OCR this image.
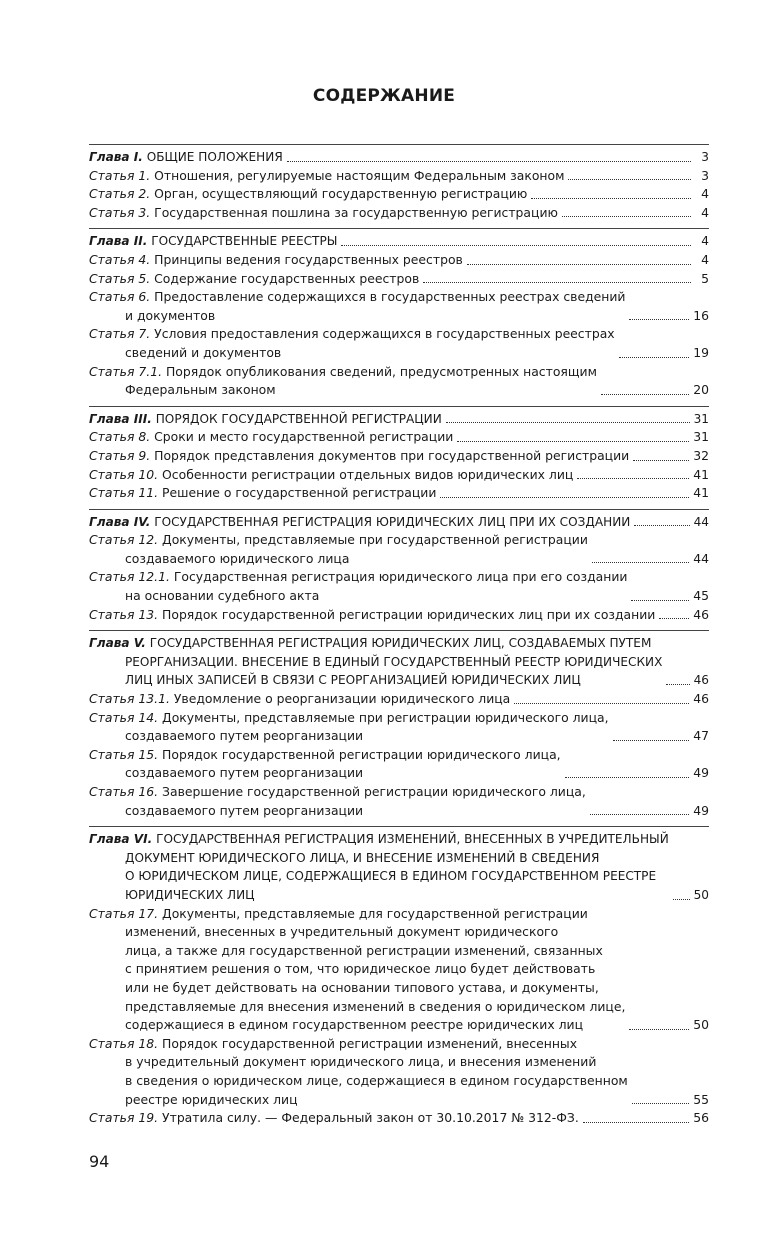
СОДЕРЖАНИЕ
Глава I. ОБЩИЕ ПОЛОЖЕНИЯ	3
Статья 1. Отношения, регулируемые настоящим Федеральным законом	3
Статья 2. Орган, осуществляющий государственную регистрацию	4
Статья 3. Государственная пошлина за государственную регистрацию	4
Глава II. ГОСУДАРСТВЕННЫЕ РЕЕСТРЫ	4
Статья 4. Принципы ведения государственных реестров	4
Статья 5. Содержание государственных реестров	5
Статья 6. Предоставление содержащихся в государственных реестрах сведений
и документов	16
Статья 7. Условия предоставления содержащихся в государственных реестрах
сведений и документов	19
Статья 7.1. Порядок опубликования сведений, предусмотренных настоящим
Федеральным законом	20
Глава III. ПОРЯДОК ГОСУДАРСТВЕННОЙ РЕГИСТРАЦИИ	31
Статья 8. Сроки и место государственной регистрации	31
Статья 9. Порядок представления документов при государственной регистрации	32
Статья 10. Особенности регистрации отдельных видов юридических лиц	41
Статья 11. Решение о государственной регистрации	41
Глава IV. ГОСУДАРСТВЕННАЯ РЕГИСТРАЦИЯ ЮРИДИЧЕСКИХ ЛИЦ ПРИ ИХ СОЗДАНИИ	44
Статья 12. Документы, представляемые при государственной регистрации
создаваемого юридического лица	44
Статья 12.1. Государственная регистрация юридического лица при его создании
на основании судебного акта	45
Статья 13. Порядок государственной регистрации юридических лиц при их создании	46
Глава V. ГОСУДАРСТВЕННАЯ РЕГИСТРАЦИЯ ЮРИДИЧЕСКИХ ЛИЦ, СОЗДАВАЕМЫХ ПУТЕМ
РЕОРГАНИЗАЦИИ. ВНЕСЕНИЕ В ЕДИНЫЙ ГОСУДАРСТВЕННЫЙ РЕЕСТР ЮРИДИЧЕСКИХ
ЛИЦ ИНЫХ ЗАПИСЕЙ В СВЯЗИ С РЕОРГАНИЗАЦИЕЙ ЮРИДИЧЕСКИХ ЛИЦ	46
Статья 13.1. Уведомление о реорганизации юридического лица	46
Статья 14. Документы, представляемые при регистрации юридического лица,
создаваемого путем реорганизации	47
Статья 15. Порядок государственной регистрации юридического лица,
создаваемого путем реорганизации	49
Статья 16. Завершение государственной регистрации юридического лица,
создаваемого путем реорганизации	49
Глава VI. ГОСУДАРСТВЕННАЯ РЕГИСТРАЦИЯ ИЗМЕНЕНИЙ, ВНЕСЕННЫХ В УЧРЕДИТЕЛЬНЫЙ
ДОКУМЕНТ ЮРИДИЧЕСКОГО ЛИЦА, И ВНЕСЕНИЕ ИЗМЕНЕНИЙ В СВЕДЕНИЯ
О ЮРИДИЧЕСКОМ ЛИЦЕ, СОДЕРЖАЩИЕСЯ В ЕДИНОМ ГОСУДАРСТВЕННОМ РЕЕСТРЕ
ЮРИДИЧЕСКИХ ЛИЦ	50
Статья 17. Документы, представляемые для государственной регистрации
изменений, внесенных в учредительный документ юридического
лица, а также для государственной регистрации изменений, связанных
с принятием решения о том, что юридическое лицо будет действовать
или не будет действовать на основании типового устава, и документы,
представляемые для внесения изменений в сведения о юридическом лице,
содержащиеся в едином государственном реестре юридических лиц	50
Статья 18. Порядок государственной регистрации изменений, внесенных
в учредительный документ юридического лица, и внесения изменений
в сведения о юридическом лице, содержащиеся в едином государственном
реестре юридических лиц	55
Статья 19. Утратила силу. — Федеральный закон от 30.10.2017 № 312-ФЗ.	56
94
